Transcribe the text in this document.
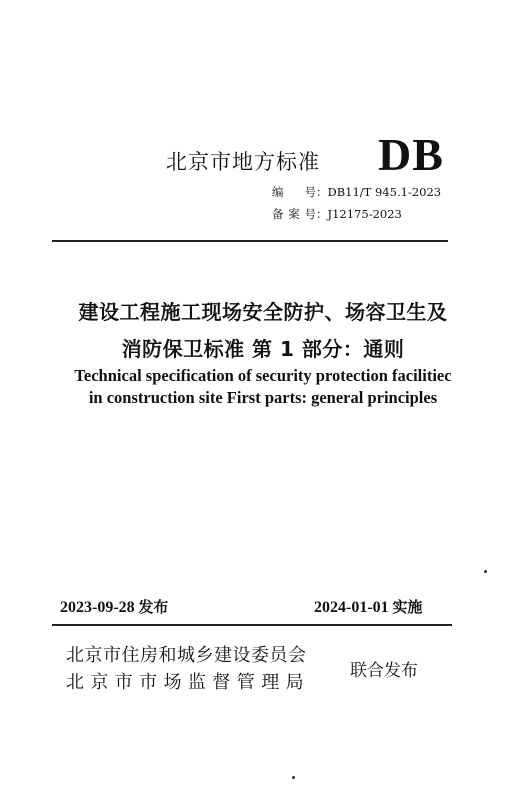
北京市地方标准 DB
编 号：DB11/T 945.1-2023
备案号：J12175-2023
建设工程施工现场安全防护、场容卫生及
消防保卫标准 第 1 部分：通则
Technical specification of security protection facilitiec
in construction site First parts: general principles
2023-09-28 发布	2024-01-01 实施
北京市住房和城乡建设委员会
北京市市场监督管理局
联合发布
